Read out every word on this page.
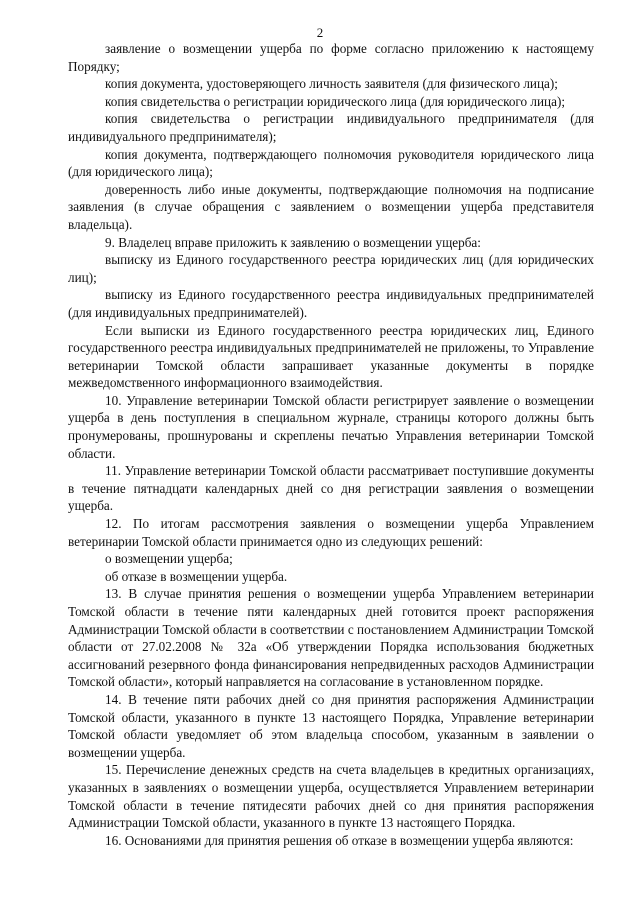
2

заявление о возмещении ущерба по форме согласно приложению к настоящему Порядку;

копия документа, удостоверяющего личность заявителя (для физического лица);

копия свидетельства о регистрации юридического лица (для юридического лица);

копия свидетельства о регистрации индивидуального предпринимателя (для индивидуального предпринимателя);

копия документа, подтверждающего полномочия руководителя юридического лица (для юридического лица);

доверенность либо иные документы, подтверждающие полномочия на подписание заявления (в случае обращения с заявлением о возмещении ущерба представителя владельца).

9. Владелец вправе приложить к заявлению о возмещении ущерба:

выписку из Единого государственного реестра юридических лиц (для юридических лиц);

выписку из Единого государственного реестра индивидуальных предпринимателей (для индивидуальных предпринимателей).

Если выписки из Единого государственного реестра юридических лиц, Единого государственного реестра индивидуальных предпринимателей не приложены, то Управление ветеринарии Томской области запрашивает указанные документы в порядке межведомственного информационного взаимодействия.

10. Управление ветеринарии Томской области регистрирует заявление о возмещении ущерба в день поступления в специальном журнале, страницы которого должны быть пронумерованы, прошнурованы и скреплены печатью Управления ветеринарии Томской области.

11. Управление ветеринарии Томской области рассматривает поступившие документы в течение пятнадцати календарных дней со дня регистрации заявления о возмещении ущерба.

12. По итогам рассмотрения заявления о возмещении ущерба Управлением ветеринарии Томской области принимается одно из следующих решений:

о возмещении ущерба;

об отказе в возмещении ущерба.

13. В случае принятия решения о возмещении ущерба Управлением ветеринарии Томской области в течение пяти календарных дней готовится проект распоряжения Администрации Томской области в соответствии с постановлением Администрации Томской области от 27.02.2008 № 32а «Об утверждении Порядка использования бюджетных ассигнований резервного фонда финансирования непредвиденных расходов Администрации Томской области», который направляется на согласование в установленном порядке.

14. В течение пяти рабочих дней со дня принятия распоряжения Администрации Томской области, указанного в пункте 13 настоящего Порядка, Управление ветеринарии Томской области уведомляет об этом владельца способом, указанным в заявлении о возмещении ущерба.

15. Перечисление денежных средств на счета владельцев в кредитных организациях, указанных в заявлениях о возмещении ущерба, осуществляется Управлением ветеринарии Томской области в течение пятидесяти рабочих дней со дня принятия распоряжения Администрации Томской области, указанного в пункте 13 настоящего Порядка.

16. Основаниями для принятия решения об отказе в возмещении ущерба являются:
